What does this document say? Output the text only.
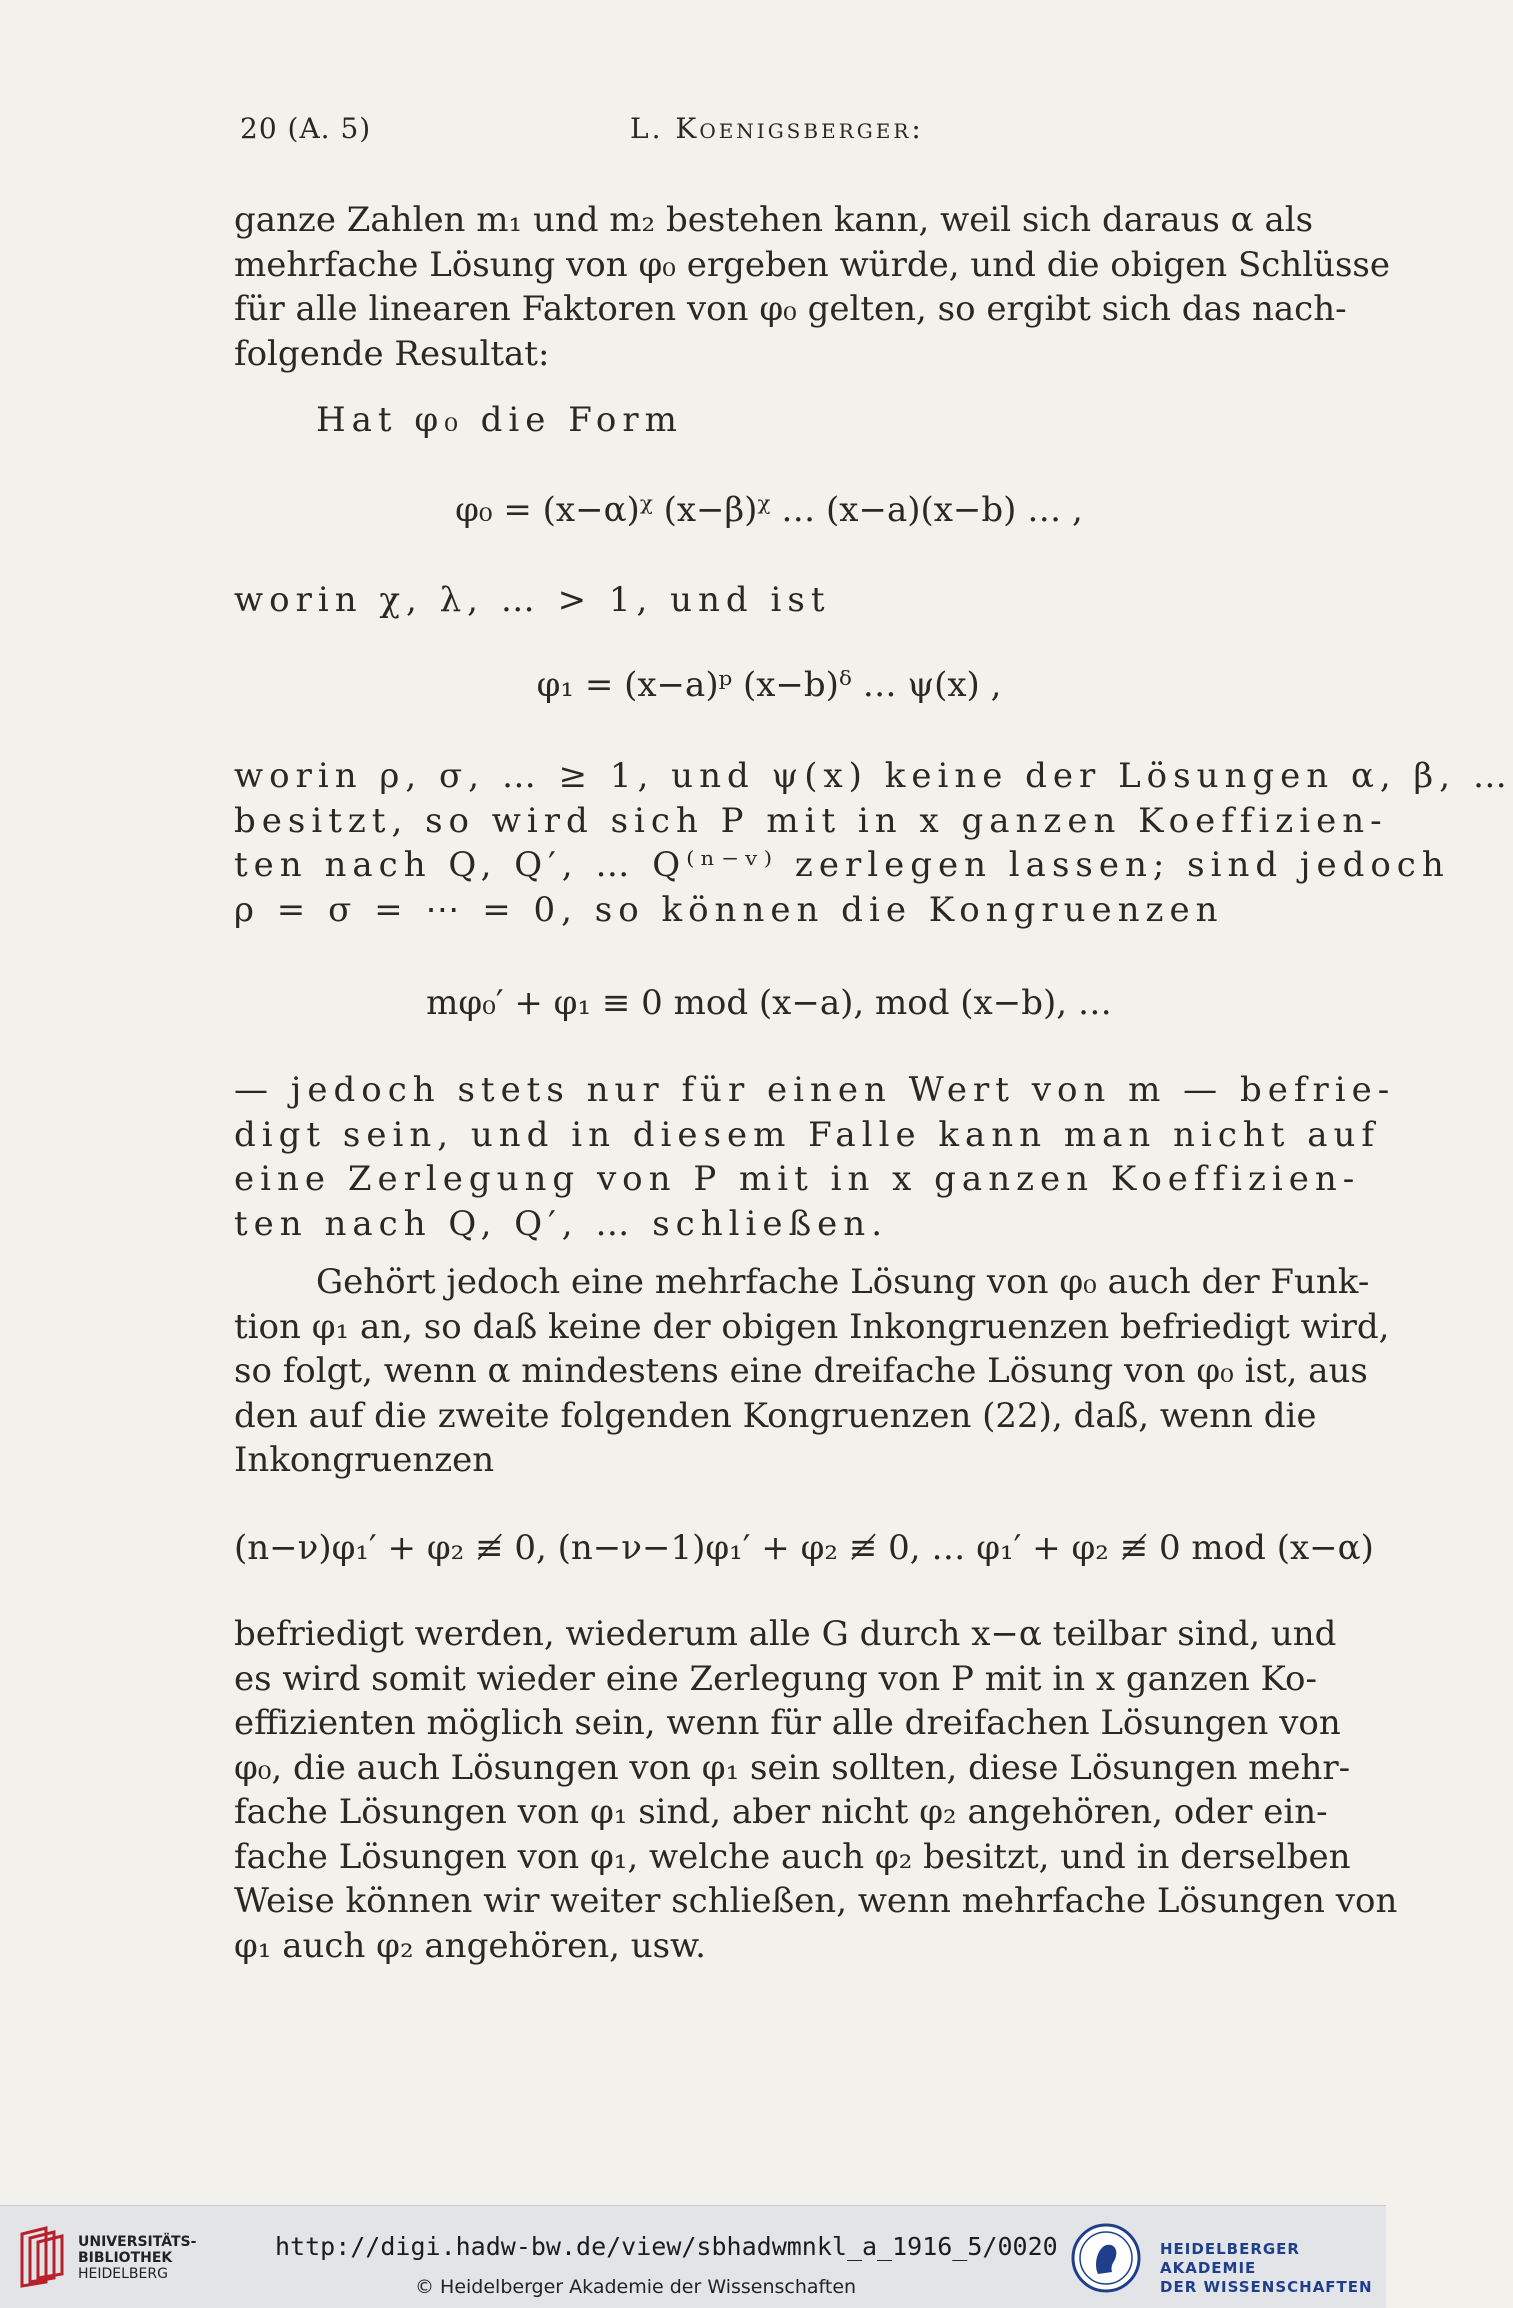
20 (A. 5)	L. Koenigsberger:
ganze Zahlen m₁ und m₂ bestehen kann, weil sich daraus α als
mehrfache Lösung von φ₀ ergeben würde, und die obigen Schlüsse
für alle linearen Faktoren von φ₀ gelten, so ergibt sich das nach-
folgende Resultat:
Hat φ₀ die Form
φ₀ = (x−α)ᵡ (x−β)ᵡ … (x−a)(x−b) … ,
worin χ, λ, … > 1, und ist
φ₁ = (x−a)ᵖ (x−b)ᵟ … ψ(x) ,
worin ρ, σ, … ≥ 1, und ψ(x) keine der Lösungen α, β, …
besitzt, so wird sich P mit in x ganzen Koeffizien-
ten nach Q, Q′, … Q⁽ⁿ⁻ᵛ⁾ zerlegen lassen; sind jedoch
ρ = σ = ⋯ = 0, so können die Kongruenzen
mφ₀′ + φ₁ ≡ 0 mod (x−a), mod (x−b), …
— jedoch stets nur für einen Wert von m — befrie-
digt sein, und in diesem Falle kann man nicht auf
eine Zerlegung von P mit in x ganzen Koeffizien-
ten nach Q, Q′, … schließen.
Gehört jedoch eine mehrfache Lösung von φ₀ auch der Funk-
tion φ₁ an, so daß keine der obigen Inkongruenzen befriedigt wird,
so folgt, wenn α mindestens eine dreifache Lösung von φ₀ ist, aus
den auf die zweite folgenden Kongruenzen (22), daß, wenn die
Inkongruenzen
(n−ν)φ₁′ + φ₂ ≢ 0, (n−ν−1)φ₁′ + φ₂ ≢ 0, … φ₁′ + φ₂ ≢ 0 mod (x−α)
befriedigt werden, wiederum alle G durch x−α teilbar sind, und
es wird somit wieder eine Zerlegung von P mit in x ganzen Ko-
effizienten möglich sein, wenn für alle dreifachen Lösungen von
φ₀, die auch Lösungen von φ₁ sein sollten, diese Lösungen mehr-
fache Lösungen von φ₁ sind, aber nicht φ₂ angehören, oder ein-
fache Lösungen von φ₁, welche auch φ₂ besitzt, und in derselben
Weise können wir weiter schließen, wenn mehrfache Lösungen von
φ₁ auch φ₂ angehören, usw.
UNIVERSITÄTS-
BIBLIOTHEK
HEIDELBERG
http://digi.hadw-bw.de/view/sbhadwmnkl_a_1916_5/0020
© Heidelberger Akademie der Wissenschaften
HEIDELBERGER AKADEMIE
DER WISSENSCHAFTEN
